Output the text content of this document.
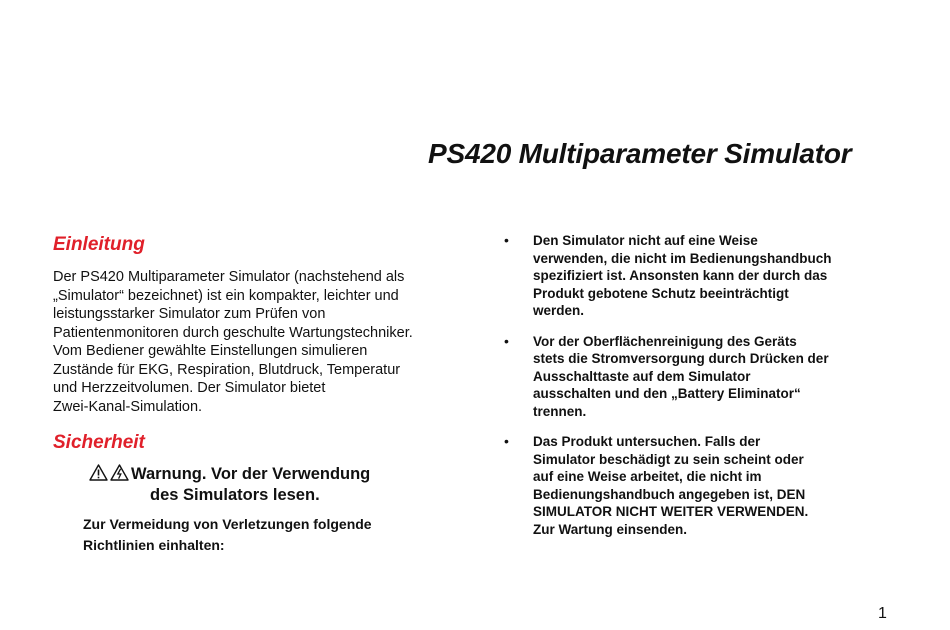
PS420 Multiparameter Simulator
Einleitung

Der PS420 Multiparameter Simulator (nachstehend als
„Simulator“ bezeichnet) ist ein kompakter, leichter und
leistungsstarker Simulator zum Prüfen von
Patientenmonitoren durch geschulte Wartungstechniker.
Vom Bediener gewählte Einstellungen simulieren
Zustände für EKG, Respiration, Blutdruck, Temperatur
und Herzzeitvolumen. Der Simulator bietet
Zwei-Kanal-Simulation.

Sicherheit
Warnung. Vor der Verwendung
des Simulators lesen.

Zur Vermeidung von Verletzungen folgende
Richtlinien einhalten:

• Den Simulator nicht auf eine Weise
verwenden, die nicht im Bedienungshandbuch
spezifiziert ist. Ansonsten kann der durch das
Produkt gebotene Schutz beeinträchtigt
werden.
• Vor der Oberflächenreinigung des Geräts
stets die Stromversorgung durch Drücken der
Ausschalttaste auf dem Simulator
ausschalten und den „Battery Eliminator“
trennen.
• Das Produkt untersuchen. Falls der
Simulator beschädigt zu sein scheint oder
auf eine Weise arbeitet, die nicht im
Bedienungshandbuch angegeben ist, DEN
SIMULATOR NICHT WEITER VERWENDEN.
Zur Wartung einsenden.
1
